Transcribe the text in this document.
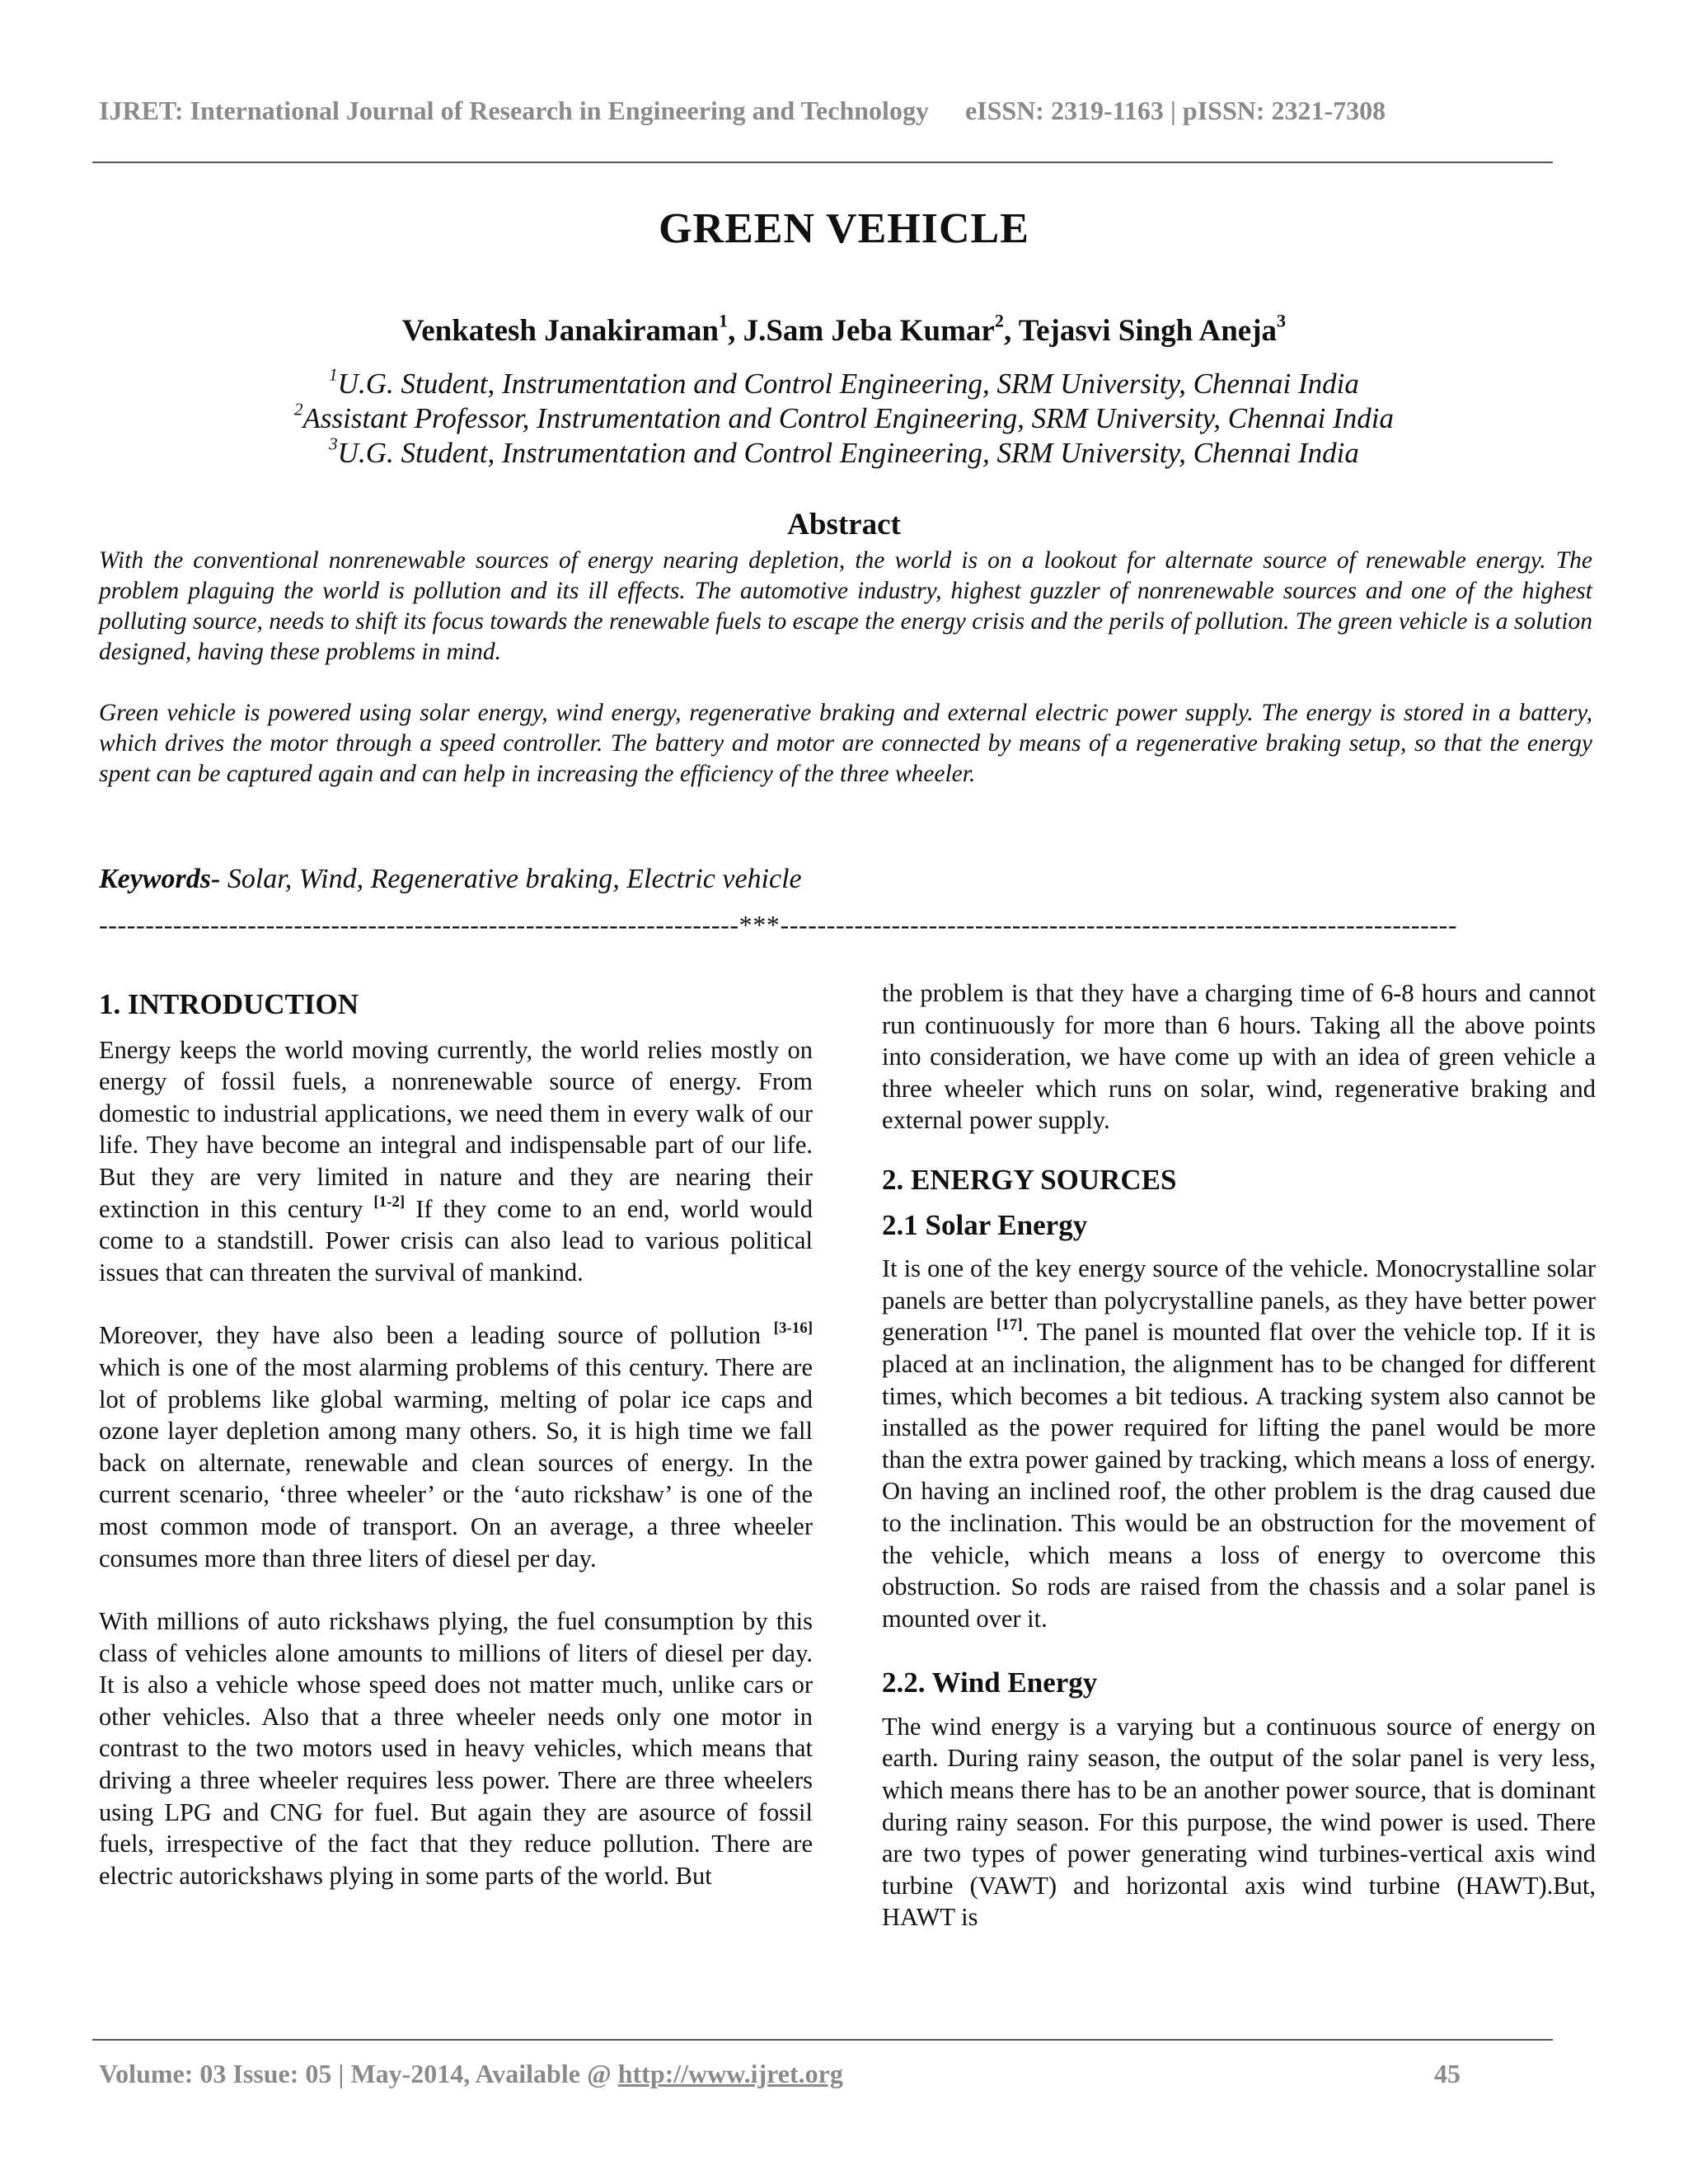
IJRET: International Journal of Research in Engineering and Technology eISSN: 2319-1163 | pISSN: 2321-7308
GREEN VEHICLE
Venkatesh Janakiraman$^1$, J.Sam Jeba Kumar$^2$, Tejasvi Singh Aneja$^3$
$^1$U.G. Student, Instrumentation and Control Engineering, SRM University, Chennai India
$^2$Assistant Professor, Instrumentation and Control Engineering, SRM University, Chennai India
$^3$U.G. Student, Instrumentation and Control Engineering, SRM University, Chennai India
Abstract

With the conventional nonrenewable sources of energy nearing depletion, the world is on a lookout for alternate source of renewable energy. The problem plaguing the world is pollution and its ill effects. The automotive industry, highest guzzler of nonrenewable sources and one of the highest polluting source, needs to shift its focus towards the renewable fuels to escape the energy crisis and the perils of pollution. The green vehicle is a solution designed, having these problems in mind.

Green vehicle is powered using solar energy, wind energy, regenerative braking and external electric power supply. The energy is stored in a battery, which drives the motor through a speed controller. The battery and motor are connected by means of a regenerative braking setup, so that the energy spent can be captured again and can help in increasing the efficiency of the three wheeler.

Keywords- Solar, Wind, Regenerative braking, Electric vehicle
---------------------------------------------------------------------***-------------------------------------------------------------------------
1. INTRODUCTION

Energy keeps the world moving currently, the world relies mostly on energy of fossil fuels, a nonrenewable source of energy. From domestic to industrial applications, we need them in every walk of our life. They have become an integral and indispensable part of our life. But they are very limited in nature and they are nearing their extinction in this century [1-2] If they come to an end, world would come to a standstill. Power crisis can also lead to various political issues that can threaten the survival of mankind.

Moreover, they have also been a leading source of pollution [3-16] which is one of the most alarming problems of this century. There are lot of problems like global warming, melting of polar ice caps and ozone layer depletion among many others. So, it is high time we fall back on alternate, renewable and clean sources of energy. In the current scenario, ‘three wheeler’ or the ‘auto rickshaw’ is one of the most common mode of transport. On an average, a three wheeler consumes more than three liters of diesel per day.

With millions of auto rickshaws plying, the fuel consumption by this class of vehicles alone amounts to millions of liters of diesel per day. It is also a vehicle whose speed does not matter much, unlike cars or other vehicles. Also that a three wheeler needs only one motor in contrast to the two motors used in heavy vehicles, which means that driving a three wheeler requires less power. There are three wheelers using LPG and CNG for fuel. But again they are asource of fossil fuels, irrespective of the fact that they reduce pollution. There are electric autorickshaws plying in some parts of the world. But

the problem is that they have a charging time of 6-8 hours and cannot run continuously for more than 6 hours. Taking all the above points into consideration, we have come up with an idea of green vehicle a three wheeler which runs on solar, wind, regenerative braking and external power supply.

2. ENERGY SOURCES
2.1 Solar Energy

It is one of the key energy source of the vehicle. Monocrystalline solar panels are better than polycrystalline panels, as they have better power generation [17]. The panel is mounted flat over the vehicle top. If it is placed at an inclination, the alignment has to be changed for different times, which becomes a bit tedious. A tracking system also cannot be installed as the power required for lifting the panel would be more than the extra power gained by tracking, which means a loss of energy. On having an inclined roof, the other problem is the drag caused due to the inclination. This would be an obstruction for the movement of the vehicle, which means a loss of energy to overcome this obstruction. So rods are raised from the chassis and a solar panel is mounted over it.

2.2. Wind Energy

The wind energy is a varying but a continuous source of energy on earth. During rainy season, the output of the solar panel is very less, which means there has to be an another power source, that is dominant during rainy season. For this purpose, the wind power is used. There are two types of power generating wind turbines-vertical axis wind turbine (VAWT) and horizontal axis wind turbine (HAWT).But, HAWT is

Volume: 03 Issue: 05 | May-2014, Available @ http://www.ijret.org	45
